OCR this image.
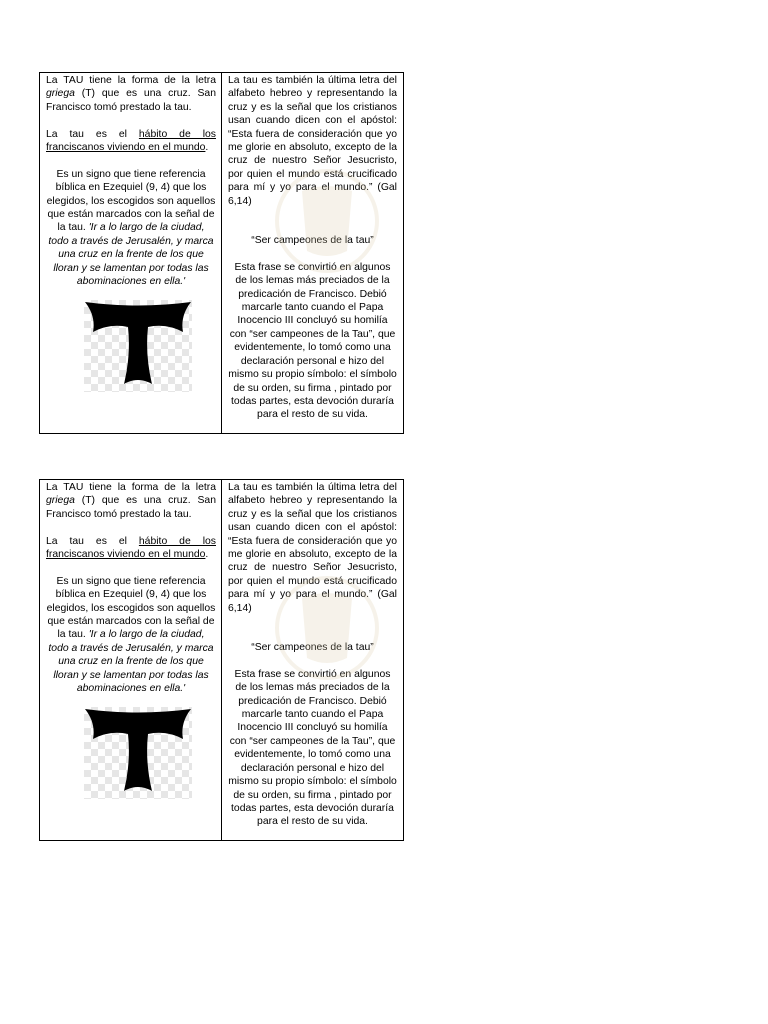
La TAU tiene la forma de la letra griega (T) que es una cruz. San Francisco tomó prestado la tau.

La tau es el hábito de los franciscanos viviendo en el mundo.

Es un signo que tiene referencia bíblica en Ezequiel (9, 4) que los elegidos, los escogidos son aquellos que están marcados con la señal de la tau. 'Ir a lo largo de la ciudad, todo a través de Jerusalén, y marca una cruz en la frente de los que lloran y se lamentan por todas las abominaciones en ella.'

La tau es también la última letra del alfabeto hebreo y representando la cruz y es la señal que los cristianos usan cuando dicen con el apóstol: “Esta fuera de consideración que yo me glorie en absoluto, excepto de la cruz de nuestro Señor Jesucristo, por quien el mundo está crucificado para mí y yo para el mundo.” (Gal 6,14)

“Ser campeones de la tau”

Esta frase se convirtió en algunos de los lemas más preciados de la predicación de Francisco. Debió marcarle tanto cuando el Papa Inocencio III concluyó su homilía con “ser campeones de la Tau”, que evidentemente, lo tomó como una declaración personal e hizo del mismo su propio símbolo: el símbolo de su orden, su firma , pintado por todas partes, esta devoción duraría para el resto de su vida.

La TAU tiene la forma de la letra griega (T) que es una cruz. San Francisco tomó prestado la tau.

La tau es el hábito de los franciscanos viviendo en el mundo.

Es un signo que tiene referencia bíblica en Ezequiel (9, 4) que los elegidos, los escogidos son aquellos que están marcados con la señal de la tau. 'Ir a lo largo de la ciudad, todo a través de Jerusalén, y marca una cruz en la frente de los que lloran y se lamentan por todas las abominaciones en ella.'

La tau es también la última letra del alfabeto hebreo y representando la cruz y es la señal que los cristianos usan cuando dicen con el apóstol: “Esta fuera de consideración que yo me glorie en absoluto, excepto de la cruz de nuestro Señor Jesucristo, por quien el mundo está crucificado para mí y yo para el mundo.” (Gal 6,14)

“Ser campeones de la tau”

Esta frase se convirtió en algunos de los lemas más preciados de la predicación de Francisco. Debió marcarle tanto cuando el Papa Inocencio III concluyó su homilía con “ser campeones de la Tau”, que evidentemente, lo tomó como una declaración personal e hizo del mismo su propio símbolo: el símbolo de su orden, su firma , pintado por todas partes, esta devoción duraría para el resto de su vida.
